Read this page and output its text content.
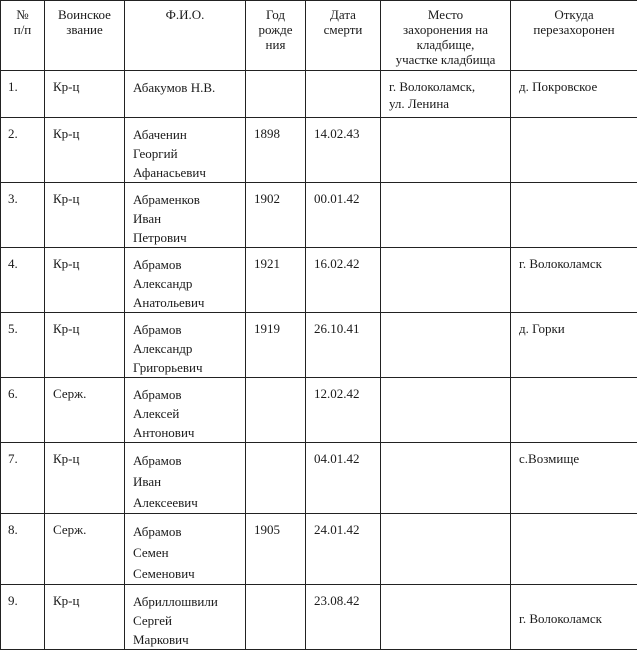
№
п/п	Воинское
звание	Ф.И.О.	Год
рожде
ния	Дата
смерти	Место
захоронения на
кладбище,
участке кладбища	Откуда
перезахоронен

1.	Кр-ц	Абакумов Н.В.			г. Волоколамск,
ул. Ленина	д. Покровское

2.	Кр-ц	Абаченин
Георгий
Афанасьевич	1898	14.02.43		

3.	Кр-ц	Абраменков
Иван
Петрович	1902	00.01.42		

4.	Кр-ц	Абрамов
Александр
Анатольевич	1921	16.02.42		г. Волоколамск

5.	Кр-ц	Абрамов
Александр
Григорьевич	1919	26.10.41		д. Горки

6.	Серж.	Абрамов
Алексей
Антонович		12.02.42		

7.	Кр-ц	Абрамов
Иван
Алексеевич		04.01.42		с.Возмище

8.	Серж.	Абрамов
Семен
Семенович	1905	24.01.42		

9.	Кр-ц	Абриллошвили
Сергей
Маркович		23.08.42		г. Волоколамск
